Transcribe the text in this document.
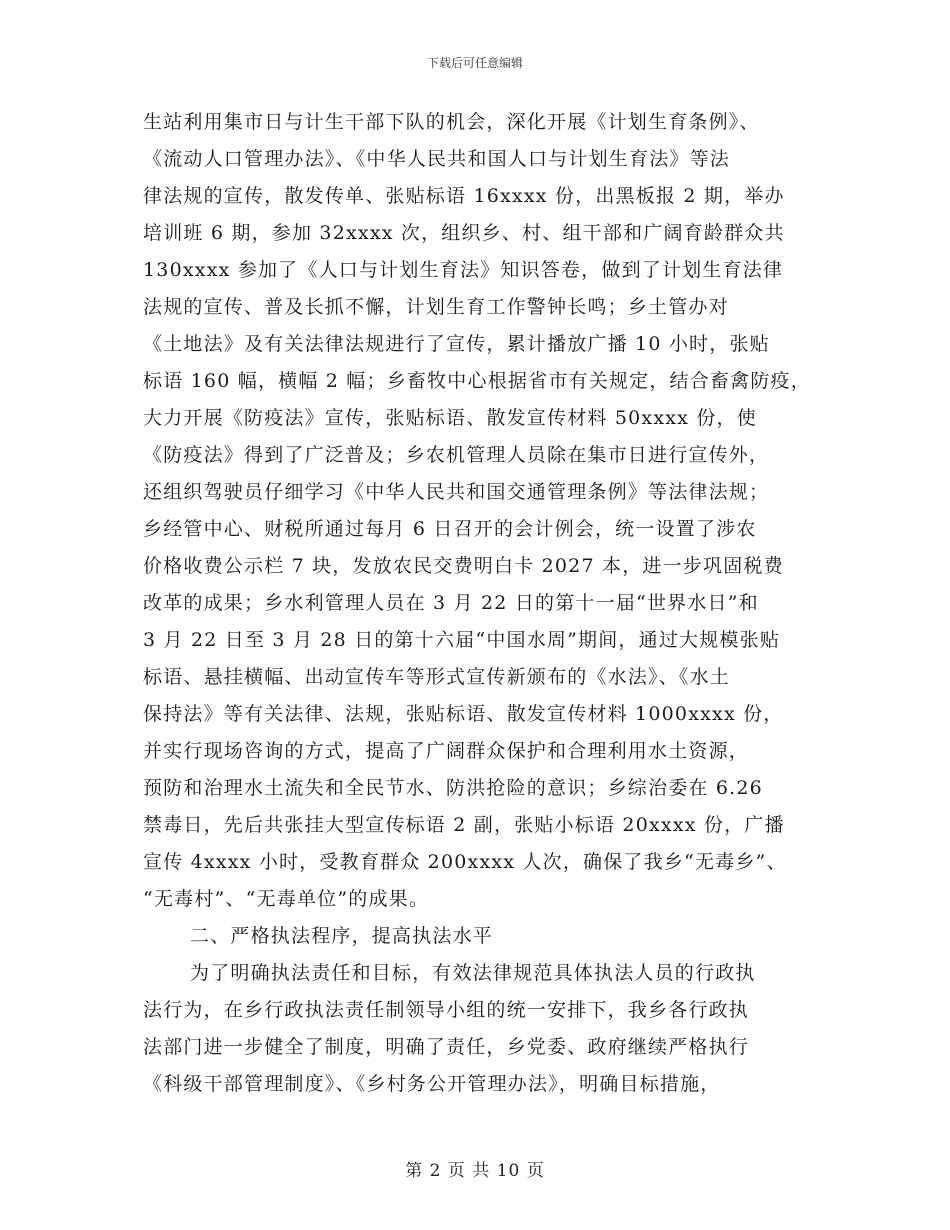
下载后可任意编辑
生站利用集市日与计生干部下队的机会，深化开展《计划生育条例》、
《流动人口管理办法》、《中华人民共和国人口与计划生育法》等法
律法规的宣传，散发传单、张贴标语 16xxxx 份，出黑板报 2 期，举办
培训班 6 期，参加 32xxxx 次，组织乡、村、组干部和广阔育龄群众共
130xxxx 参加了《人口与计划生育法》知识答卷，做到了计划生育法律
法规的宣传、普及长抓不懈，计划生育工作警钟长鸣；乡土管办对
《土地法》及有关法律法规进行了宣传，累计播放广播 10 小时，张贴
标语 160 幅，横幅 2 幅；乡畜牧中心根据省市有关规定，结合畜禽防疫，
大力开展《防疫法》宣传，张贴标语、散发宣传材料 50xxxx 份，使
《防疫法》得到了广泛普及；乡农机管理人员除在集市日进行宣传外，
还组织驾驶员仔细学习《中华人民共和国交通管理条例》等法律法规；
乡经管中心、财税所通过每月 6 日召开的会计例会，统一设置了涉农
价格收费公示栏 7 块，发放农民交费明白卡 2027 本，进一步巩固税费
改革的成果；乡水利管理人员在 3 月 22 日的第十一届“世界水日”和
3 月 22 日至 3 月 28 日的第十六届“中国水周”期间，通过大规模张贴
标语、悬挂横幅、出动宣传车等形式宣传新颁布的《水法》、《水土
保持法》等有关法律、法规，张贴标语、散发宣传材料 1000xxxx 份，
并实行现场咨询的方式，提高了广阔群众保护和合理利用水土资源，
预防和治理水土流失和全民节水、防洪抢险的意识；乡综治委在 6.26
禁毒日，先后共张挂大型宣传标语 2 副，张贴小标语 20xxxx 份，广播
宣传 4xxxx 小时，受教育群众 200xxxx 人次，确保了我乡“无毒乡”、
“无毒村”、“无毒单位”的成果。
二、严格执法程序，提高执法水平
为了明确执法责任和目标，有效法律规范具体执法人员的行政执
法行为，在乡行政执法责任制领导小组的统一安排下，我乡各行政执
法部门进一步健全了制度，明确了责任，乡党委、政府继续严格执行
《科级干部管理制度》、《乡村务公开管理办法》，明确目标措施，
第 2 页 共 10 页
